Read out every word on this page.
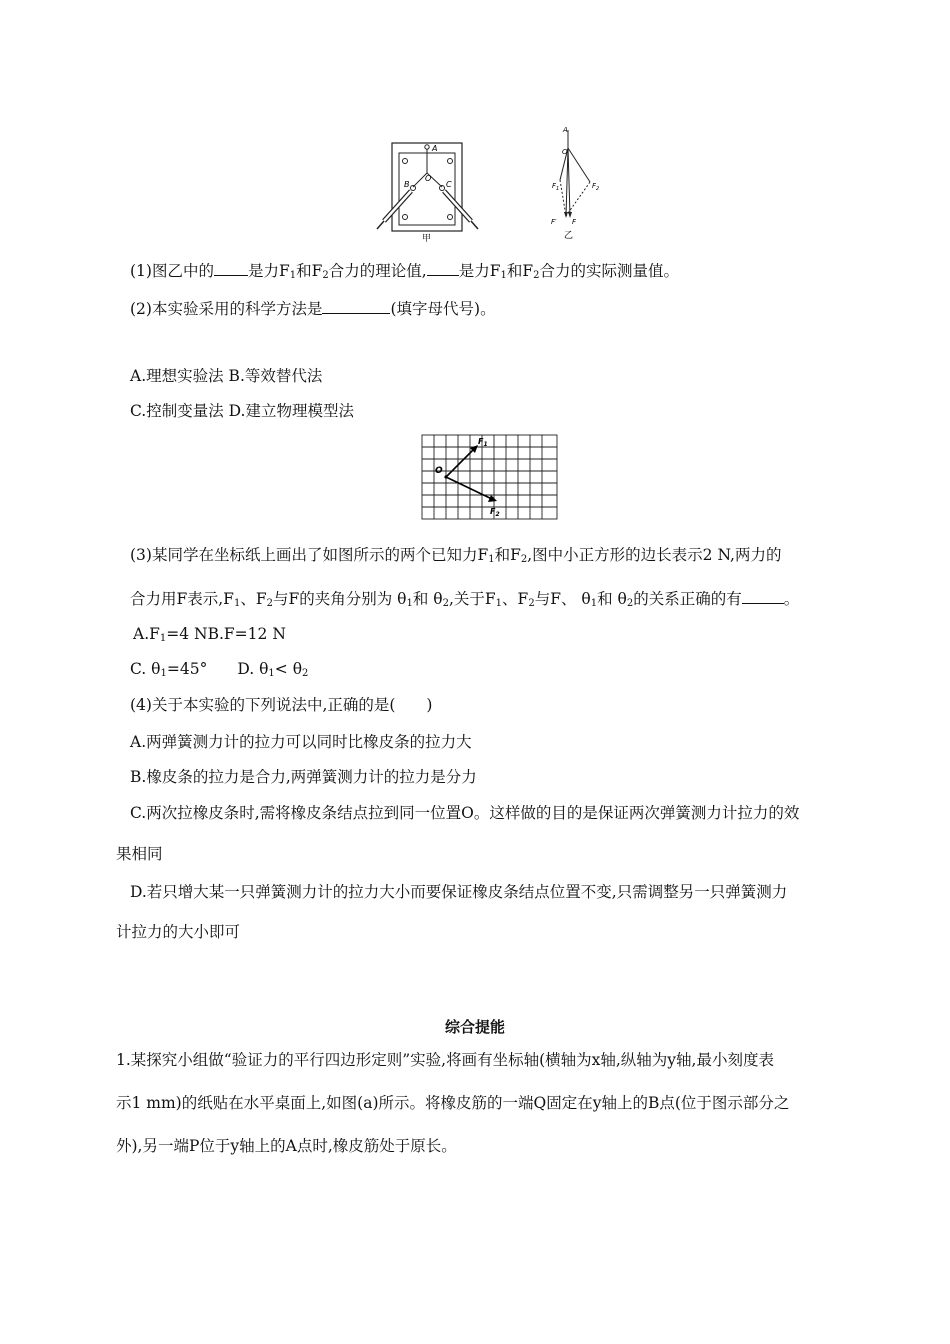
A
O
B	C
甲
A
O
$F_1$	$F_2$
F′ F
乙
(1)图乙中的 是力$F_1$和$F_2$合力的理论值, 是力$F_1$和$F_2$合力的实际测量值。
(2)本实验采用的科学方法是	(填字母代号)。
A.理想实验法 B.等效替代法
C.控制变量法 D.建立物理模型法
O
$F_1$
$F_2$
(3)某同学在坐标纸上画出了如图所示的两个已知力$F_1$和$F_2$,图中小正方形的边长表示2 N,两力的
合力用F表示$,F_1$、$F_2$与F的夹角分别为 $\theta_1$和 $\theta_2$,关于$F_1$、$F_2$与F、 $\theta_1$和 $\theta_2$的关系正确的有	。
$A.F_1=4$ NB.F=12 N
C. $\theta_1=45^\circ$ D. $\theta_1< \theta_2$
(4)关于本实验的下列说法中,正确的是(　　)
A.两弹簧测力计的拉力可以同时比橡皮条的拉力大
B.橡皮条的拉力是合力,两弹簧测力计的拉力是分力
C.两次拉橡皮条时,需将橡皮条结点拉到同一位置O。这样做的目的是保证两次弹簧测力计拉力的效
果相同
D.若只增大某一只弹簧测力计的拉力大小而要保证橡皮条结点位置不变,只需调整另一只弹簧测力
计拉力的大小即可
综合提能
1.某探究小组做“验证力的平行四边形定则”实验,将画有坐标轴(横轴为x轴,纵轴为y轴,最小刻度表
示1 mm)的纸贴在水平桌面上,如图(a)所示。将橡皮筋的一端Q固定在y轴上的B点(位于图示部分之
外),另一端P位于y轴上的A点时,橡皮筋处于原长。
